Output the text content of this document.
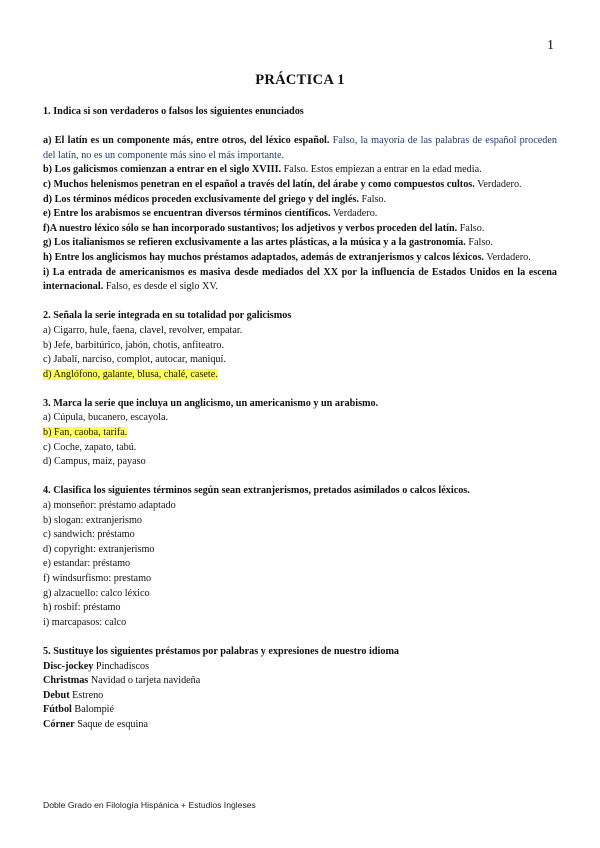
1
PRÁCTICA 1

1. Indica si son verdaderos o falsos los siguientes enunciados

a) El latín es un componente más, entre otros, del léxico español. Falso, la mayoría de las palabras de español proceden del latín, no es un componente más sino el más importante.

b) Los galicismos comienzan a entrar en el siglo XVIII. Falso. Estos empiezan a entrar en la edad media.

c) Muchos helenismos penetran en el español a través del latín, del árabe y como compuestos cultos. Verdadero.

d) Los términos médicos proceden exclusivamente del griego y del inglés. Falso.

e) Entre los arabismos se encuentran diversos términos científicos. Verdadero.

f)A nuestro léxico sólo se han incorporado sustantivos; los adjetivos y verbos proceden del latín. Falso.

g) Los italianismos se refieren exclusivamente a las artes plásticas, a la música y a la gastronomía. Falso.

h) Entre los anglicismos hay muchos préstamos adaptados, además de extranjerismos y calcos léxicos. Verdadero.

i) La entrada de americanismos es masiva desde mediados del XX por la influencia de Estados Unidos en la escena internacional. Falso, es desde el siglo XV.

2. Señala la serie integrada en su totalidad por galicismos

a) Cigarro, hule, faena, clavel, revolver, empatar.

b) Jefe, barbitúrico, jabón, chotis, anfiteatro.

c) Jabalí, narciso, complot, autocar, maniquí.

d) Anglófono, galante, blusa, chalé, casete.

3. Marca la serie que incluya un anglicismo, un americanismo y un arabismo.

a) Cúpula, bucanero, escayola.

b) Fan, caoba, tarifa.

c) Coche, zapato, tabú.

d) Campus, maíz, payaso

4. Clasifica los siguientes términos según sean extranjerismos, pretados asimilados o calcos léxicos.

a) monseñor: préstamo adaptado

b) slogan: extranjerismo

c) sandwich: préstamo

d) copyright: extranjerismo

e) estandar: préstamo

f) windsurfismo: prestamo

g) alzacuello: calco léxico

h) rosbif: préstamo

i) marcapasos: calco

5. Sustituye los siguientes préstamos por palabras y expresiones de nuestro idioma

Disc-jockey Pinchadiscos

Christmas Navidad o tarjeta navideña

Debut Estreno

Fútbol Balompié

Córner Saque de esquina

Doble Grado en Filología Hispánica + Estudios Ingleses
